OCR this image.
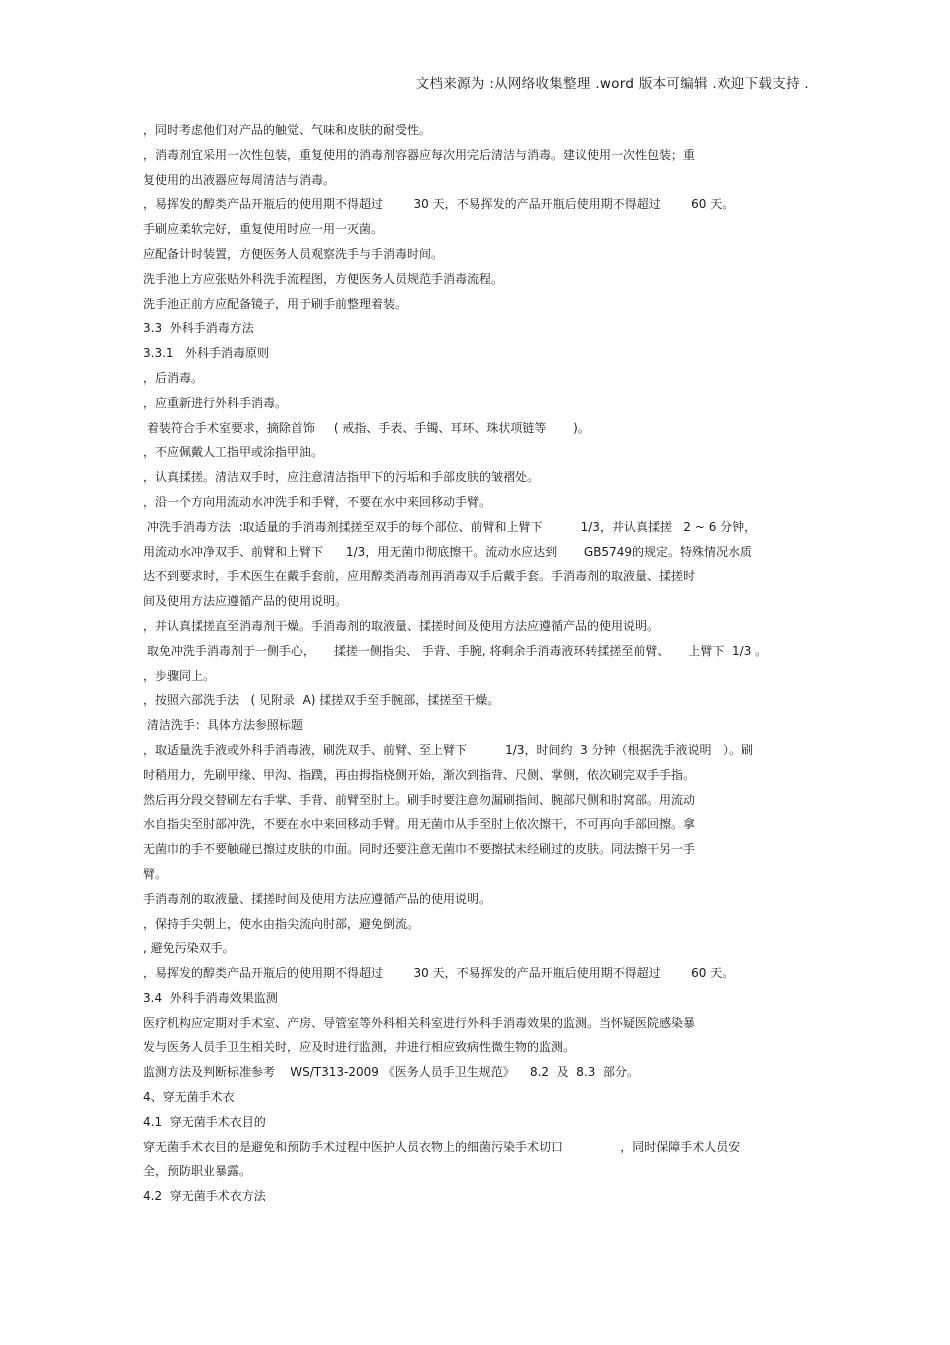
文档来源为 :从网络收集整理 .word 版本可编辑 .欢迎下载支持 .
，同时考虑他们对产品的触觉、气味和皮肤的耐受性。
，消毒剂宜采用一次性包装，重复使用的消毒剂容器应每次用完后清洁与消毒。建议使用一次性包装；重
复使用的出液器应每周清洁与消毒。
，易挥发的醇类产品开瓶后的使用期不得超过        30 天，不易挥发的产品开瓶后使用期不得超过        60 天。
手刷应柔软完好，重复使用时应一用一灭菌。
应配备计时装置，方便医务人员观察洗手与手消毒时间。
洗手池上方应张贴外科洗手流程图，方便医务人员规范手消毒流程。
洗手池正前方应配备镜子，用于刷手前整理着装。
3.3  外科手消毒方法
3.3.1   外科手消毒原则
，后消毒。
，应重新进行外科手消毒。
着装符合手术室要求，摘除首饰     ( 戒指、手表、手镯、耳环、珠状项链等       )。
，不应佩戴人工指甲或涂指甲油。
，认真揉搓。清洁双手时，应注意清洁指甲下的污垢和手部皮肤的皱褶处。
，沿一个方向用流动水冲洗手和手臂，不要在水中来回移动手臂。
冲洗手消毒方法  :取适量的手消毒剂揉搓至双手的每个部位、前臂和上臂下          1/3，并认真揉搓   2 ~ 6 分钟，
用流动水冲净双手、前臂和上臂下      1/3，用无菌巾彻底擦干。流动水应达到       GB5749的规定。特殊情况水质
达不到要求时，手术医生在戴手套前，应用醇类消毒剂再消毒双手后戴手套。手消毒剂的取液量、揉搓时
间及使用方法应遵循产品的使用说明。
，并认真揉搓直至消毒剂干燥。手消毒剂的取液量、揉搓时间及使用方法应遵循产品的使用说明。
取免冲洗手消毒剂于一侧手心，     揉搓一侧指尖、 手背、手腕, 将剩余手消毒液环转揉搓至前臂、     上臂下  1/3 。
，步骤同上。
，按照六部洗手法   ( 见附录  A) 揉搓双手至手腕部，揉搓至干燥。
清洁洗手：具体方法参照标题
，取适量洗手液或外科手消毒液，刷洗双手、前臂、至上臂下          1/3，时间约  3 分钟（根据洗手液说明   ）。刷
时稍用力，先刷甲缘、甲沟、指蹼，再由拇指桡侧开始，渐次到指背、尺侧、掌侧，依次刷完双手手指。
然后再分段交替刷左右手掌、手背、前臂至肘上。刷手时要注意勿漏刷指间、腕部尺侧和肘窝部。用流动
水自指尖至肘部冲洗，不要在水中来回移动手臂。用无菌巾从手至肘上依次擦干，不可再向手部回擦。拿
无菌巾的手不要触碰已擦过皮肤的巾面。同时还要注意无菌巾不要擦拭未经刷过的皮肤。同法擦干另一手
臂。
手消毒剂的取液量、揉搓时间及使用方法应遵循产品的使用说明。
，保持手尖朝上，使水由指尖流向肘部，避免倒流。
, 避免污染双手。
，易挥发的醇类产品开瓶后的使用期不得超过        30 天，不易挥发的产品开瓶后使用期不得超过        60 天。
3.4  外科手消毒效果监测
医疗机构应定期对手术室、产房、导管室等外科相关科室进行外科手消毒效果的监测。当怀疑医院感染暴
发与医务人员手卫生相关时，应及时进行监测，并进行相应致病性微生物的监测。
监测方法及判断标准参考    WS/T313-2009 《医务人员手卫生规范》    8.2  及  8.3  部分。
4、穿无菌手术衣
4.1  穿无菌手术衣目的
穿无菌手术衣目的是避免和预防手术过程中医护人员衣物上的细菌污染手术切口               ，同时保障手术人员安
全，预防职业暴露。
4.2  穿无菌手术衣方法
